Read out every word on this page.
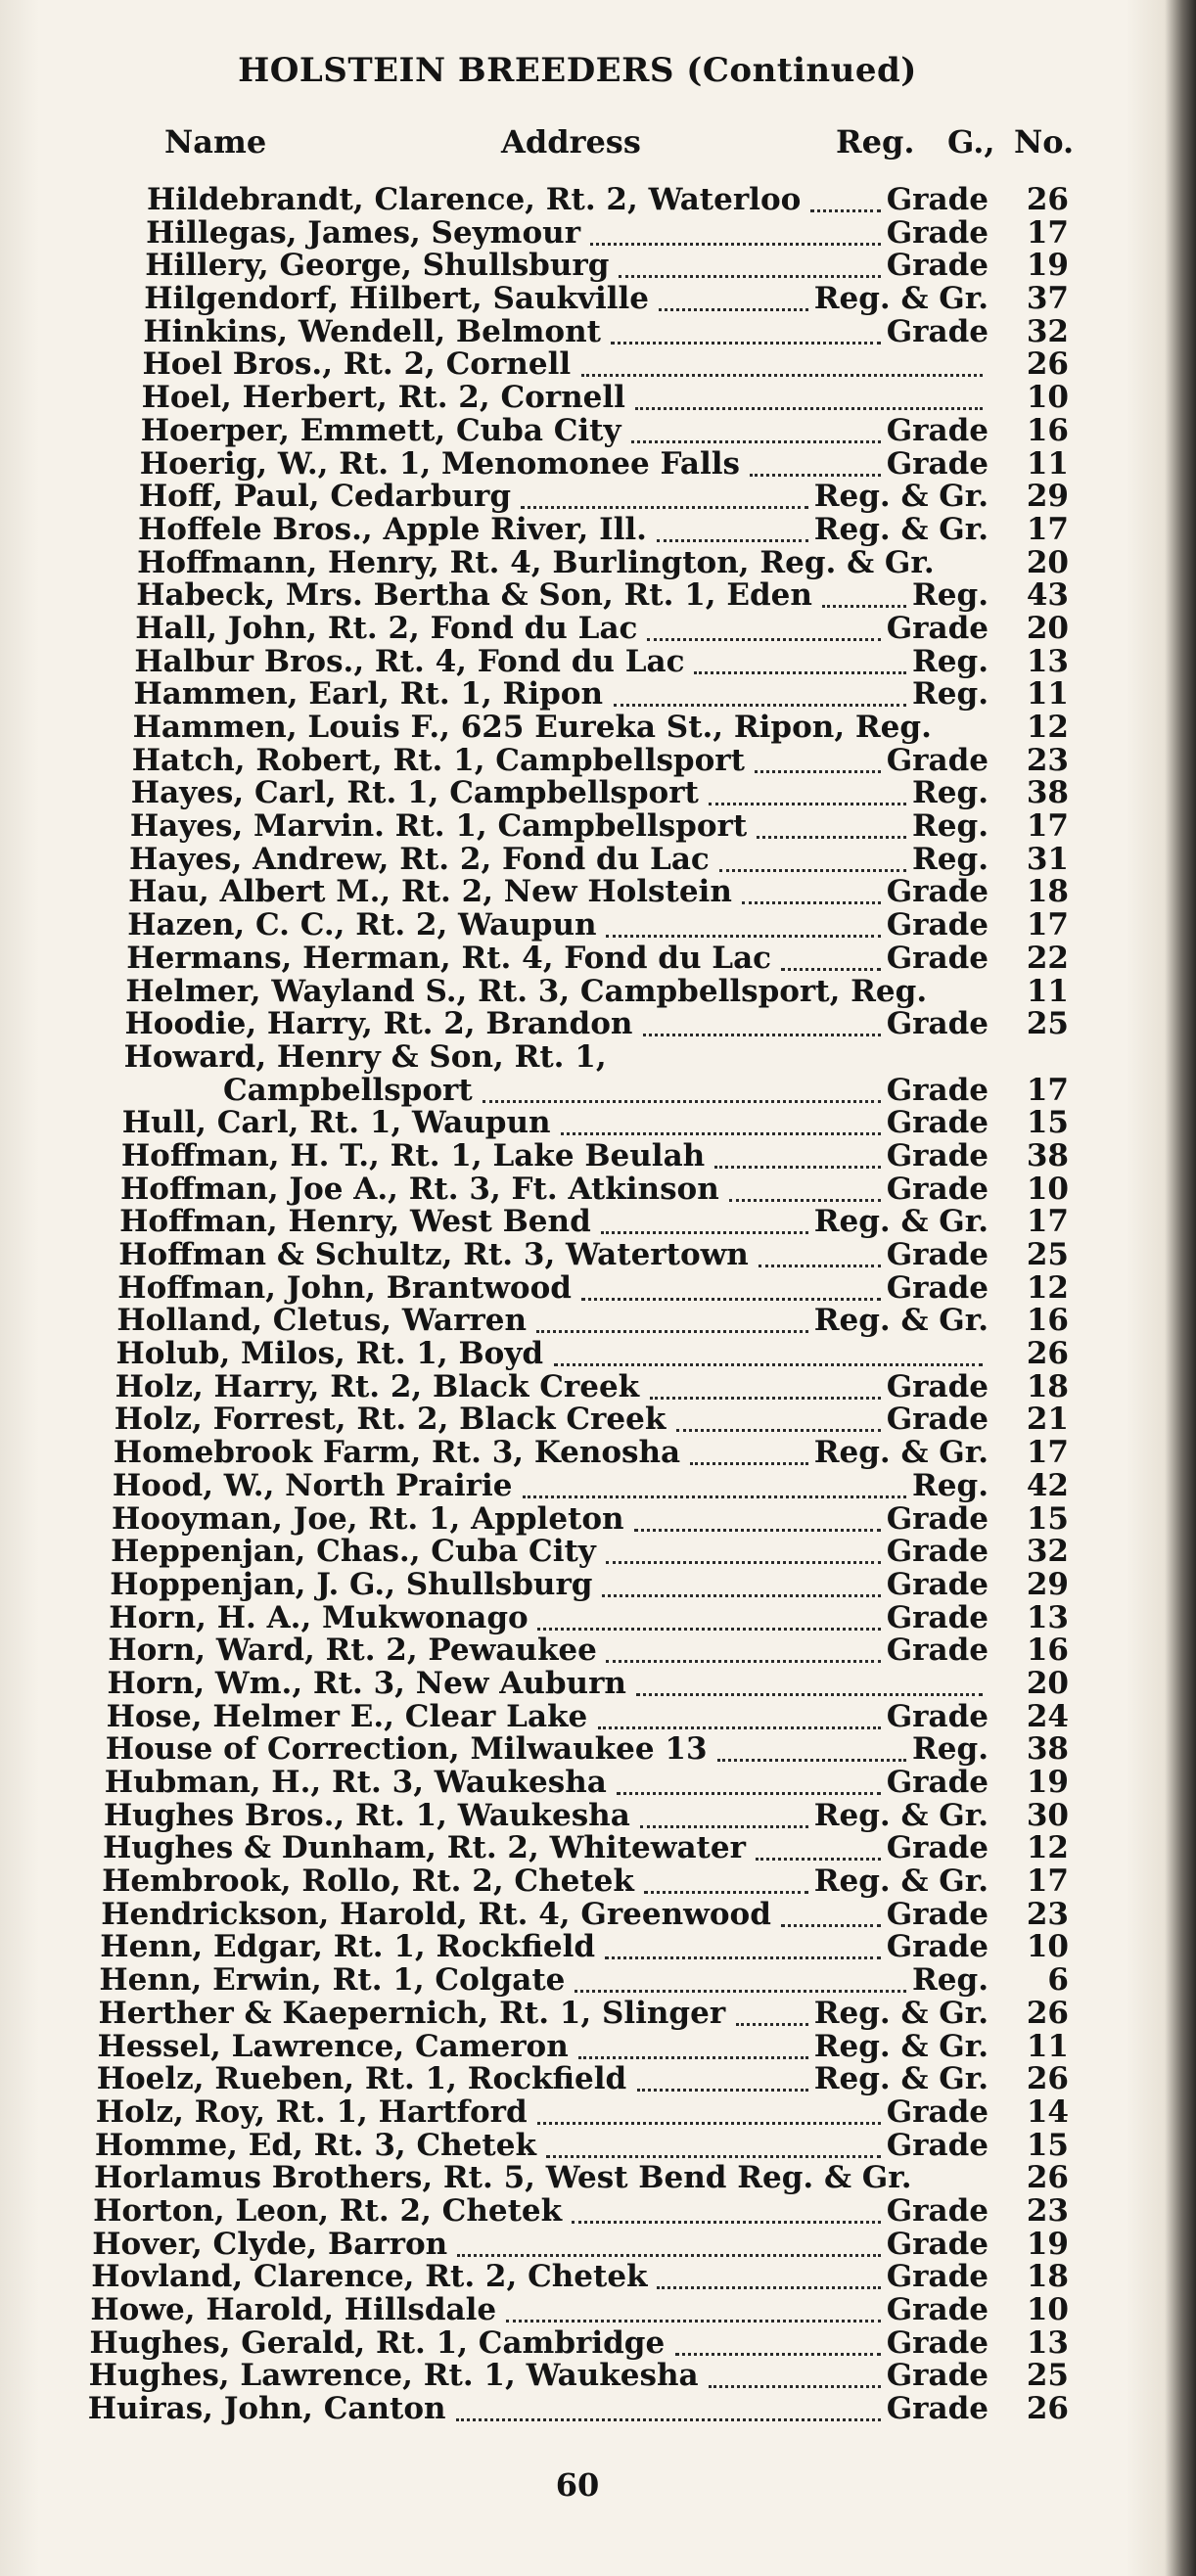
HOLSTEIN BREEDERS (Continued)
Name	Address	Reg. G., No.
Hildebrandt, Clarence, Rt. 2, Waterloo	Grade	26
Hillegas, James, Seymour	Grade	17
Hillery, George, Shullsburg	Grade	19
Hilgendorf, Hilbert, Saukville	Reg. & Gr.	37
Hinkins, Wendell, Belmont	Grade	32
Hoel Bros., Rt. 2, Cornell	26
Hoel, Herbert, Rt. 2, Cornell	10
Hoerper, Emmett, Cuba City	Grade	16
Hoerig, W., Rt. 1, Menomonee Falls	Grade	11
Hoff, Paul, Cedarburg	Reg. & Gr.	29
Hoffele Bros., Apple River, Ill.	Reg. & Gr.	17
Hoffmann, Henry, Rt. 4, Burlington, Reg. & Gr.	20
Habeck, Mrs. Bertha & Son, Rt. 1, Eden	Reg.	43
Hall, John, Rt. 2, Fond du Lac	Grade	20
Halbur Bros., Rt. 4, Fond du Lac	Reg.	13
Hammen, Earl, Rt. 1, Ripon	Reg.	11
Hammen, Louis F., 625 Eureka St., Ripon, Reg.	12
Hatch, Robert, Rt. 1, Campbellsport	Grade	23
Hayes, Carl, Rt. 1, Campbellsport	Reg.	38
Hayes, Marvin. Rt. 1, Campbellsport	Reg.	17
Hayes, Andrew, Rt. 2, Fond du Lac	Reg.	31
Hau, Albert M., Rt. 2, New Holstein	Grade	18
Hazen, C. C., Rt. 2, Waupun	Grade	17
Hermans, Herman, Rt. 4, Fond du Lac	Grade	22
Helmer, Wayland S., Rt. 3, Campbellsport, Reg.	11
Hoodie, Harry, Rt. 2, Brandon	Grade	25
Howard, Henry & Son, Rt. 1,
Campbellsport	Grade	17
Hull, Carl, Rt. 1, Waupun	Grade	15
Hoffman, H. T., Rt. 1, Lake Beulah	Grade	38
Hoffman, Joe A., Rt. 3, Ft. Atkinson	Grade	10
Hoffman, Henry, West Bend	Reg. & Gr.	17
Hoffman & Schultz, Rt. 3, Watertown	Grade	25
Hoffman, John, Brantwood	Grade	12
Holland, Cletus, Warren	Reg. & Gr.	16
Holub, Milos, Rt. 1, Boyd	26
Holz, Harry, Rt. 2, Black Creek	Grade	18
Holz, Forrest, Rt. 2, Black Creek	Grade	21
Homebrook Farm, Rt. 3, Kenosha	Reg. & Gr.	17
Hood, W., North Prairie	Reg.	42
Hooyman, Joe, Rt. 1, Appleton	Grade	15
Heppenjan, Chas., Cuba City	Grade	32
Hoppenjan, J. G., Shullsburg	Grade	29
Horn, H. A., Mukwonago	Grade	13
Horn, Ward, Rt. 2, Pewaukee	Grade	16
Horn, Wm., Rt. 3, New Auburn	20
Hose, Helmer E., Clear Lake	Grade	24
House of Correction, Milwaukee 13	Reg.	38
Hubman, H., Rt. 3, Waukesha	Grade	19
Hughes Bros., Rt. 1, Waukesha	Reg. & Gr.	30
Hughes & Dunham, Rt. 2, Whitewater	Grade	12
Hembrook, Rollo, Rt. 2, Chetek	Reg. & Gr.	17
Hendrickson, Harold, Rt. 4, Greenwood	Grade	23
Henn, Edgar, Rt. 1, Rockfield	Grade	10
Henn, Erwin, Rt. 1, Colgate	Reg.	6
Herther & Kaepernich, Rt. 1, Slinger	Reg. & Gr.	26
Hessel, Lawrence, Cameron	Reg. & Gr.	11
Hoelz, Rueben, Rt. 1, Rockfield	Reg. & Gr.	26
Holz, Roy, Rt. 1, Hartford	Grade	14
Homme, Ed, Rt. 3, Chetek	Grade	15
Horlamus Brothers, Rt. 5, West Bend Reg. & Gr.	26
Horton, Leon, Rt. 2, Chetek	Grade	23
Hover, Clyde, Barron	Grade	19
Hovland, Clarence, Rt. 2, Chetek	Grade	18
Howe, Harold, Hillsdale	Grade	10
Hughes, Gerald, Rt. 1, Cambridge	Grade	13
Hughes, Lawrence, Rt. 1, Waukesha	Grade	25
Huiras, John, Canton	Grade	26
60
